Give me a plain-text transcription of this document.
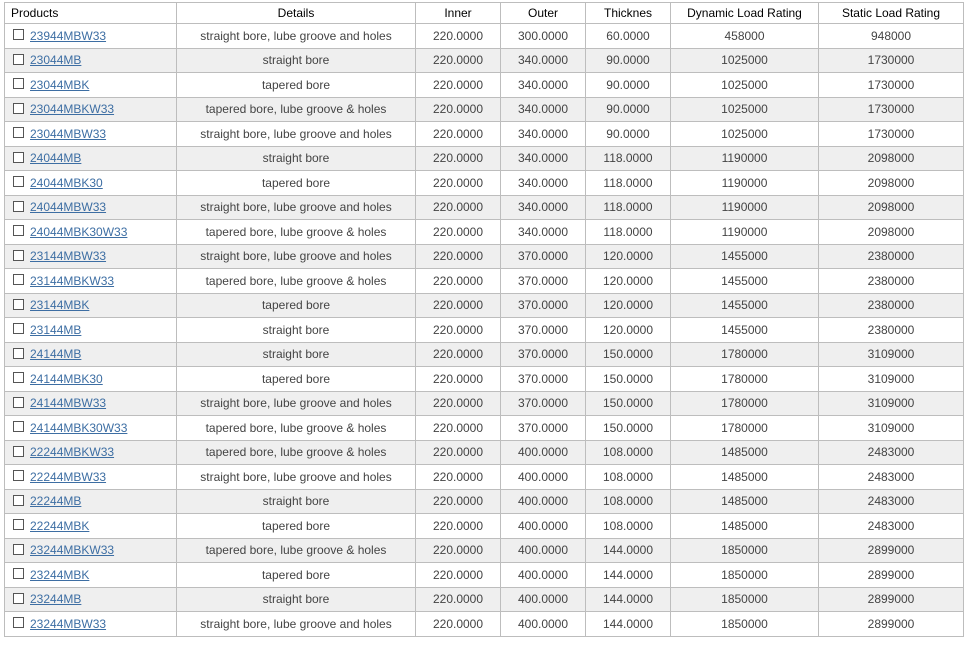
Products	Details	Inner	Outer	Thicknes	Dynamic Load Rating	Static Load Rating
23944MBW33	straight bore, lube groove and holes	220.0000	300.0000	60.0000	458000	948000
23044MB	straight bore	220.0000	340.0000	90.0000	1025000	1730000
23044MBK	tapered bore	220.0000	340.0000	90.0000	1025000	1730000
23044MBKW33	tapered bore, lube groove & holes	220.0000	340.0000	90.0000	1025000	1730000
23044MBW33	straight bore, lube groove and holes	220.0000	340.0000	90.0000	1025000	1730000
24044MB	straight bore	220.0000	340.0000	118.0000	1190000	2098000
24044MBK30	tapered bore	220.0000	340.0000	118.0000	1190000	2098000
24044MBW33	straight bore, lube groove and holes	220.0000	340.0000	118.0000	1190000	2098000
24044MBK30W33	tapered bore, lube groove & holes	220.0000	340.0000	118.0000	1190000	2098000
23144MBW33	straight bore, lube groove and holes	220.0000	370.0000	120.0000	1455000	2380000
23144MBKW33	tapered bore, lube groove & holes	220.0000	370.0000	120.0000	1455000	2380000
23144MBK	tapered bore	220.0000	370.0000	120.0000	1455000	2380000
23144MB	straight bore	220.0000	370.0000	120.0000	1455000	2380000
24144MB	straight bore	220.0000	370.0000	150.0000	1780000	3109000
24144MBK30	tapered bore	220.0000	370.0000	150.0000	1780000	3109000
24144MBW33	straight bore, lube groove and holes	220.0000	370.0000	150.0000	1780000	3109000
24144MBK30W33	tapered bore, lube groove & holes	220.0000	370.0000	150.0000	1780000	3109000
22244MBKW33	tapered bore, lube groove & holes	220.0000	400.0000	108.0000	1485000	2483000
22244MBW33	straight bore, lube groove and holes	220.0000	400.0000	108.0000	1485000	2483000
22244MB	straight bore	220.0000	400.0000	108.0000	1485000	2483000
22244MBK	tapered bore	220.0000	400.0000	108.0000	1485000	2483000
23244MBKW33	tapered bore, lube groove & holes	220.0000	400.0000	144.0000	1850000	2899000
23244MBK	tapered bore	220.0000	400.0000	144.0000	1850000	2899000
23244MB	straight bore	220.0000	400.0000	144.0000	1850000	2899000
23244MBW33	straight bore, lube groove and holes	220.0000	400.0000	144.0000	1850000	2899000
